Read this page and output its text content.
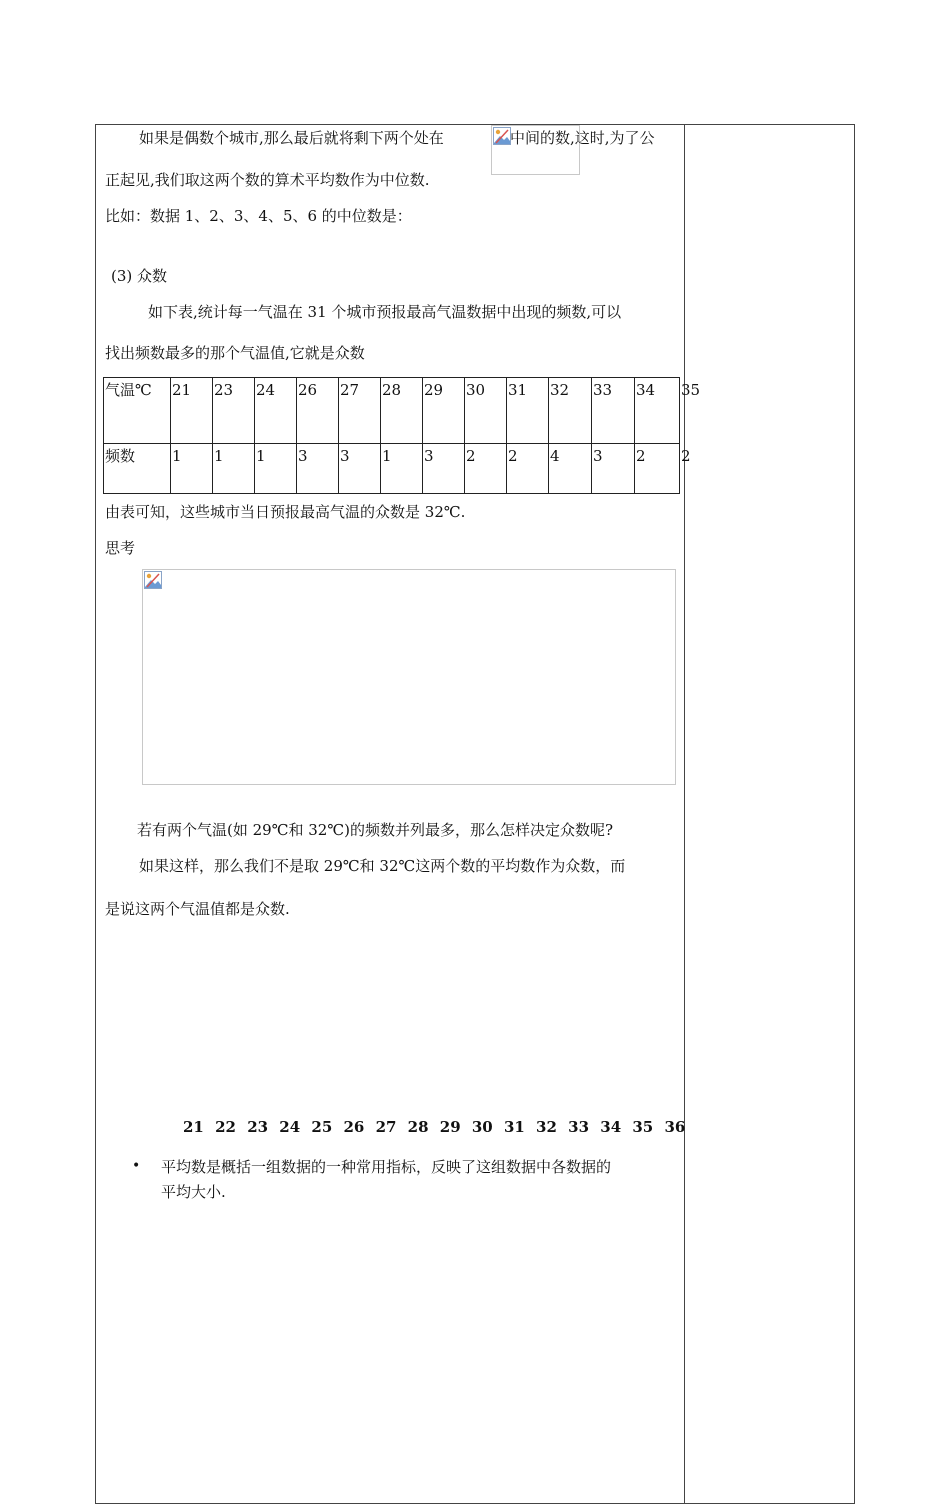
如果是偶数个城市,那么最后就将剩下两个处在	中间的数,这时,为了公
正起见,我们取这两个数的算术平均数作为中位数.
比如：数据 1、2、3、4、5、6 的中位数是：
(3) 众数
如下表,统计每一气温在 31 个城市预报最高气温数据中出现的频数,可以
找出频数最多的那个气温值,它就是众数
气温℃	21	23	24	26	27	28	29	30	31	32	33	34	35
频数	1	1	1	3	3	1	3	2	2	4	3	2	2
由表可知，这些城市当日预报最高气温的众数是 32℃.
思考
若有两个气温(如 29℃和 32℃)的频数并列最多，那么怎样决定众数呢?
如果这样，那么我们不是取 29℃和 32℃这两个数的平均数作为众数，而
是说这两个气温值都是众数.
21 22 23 24 25 26 27 28 29 30 31 32 33 34 35 36
• 平均数是概括一组数据的一种常用指标，反映了这组数据中各数据的
平均大小.
